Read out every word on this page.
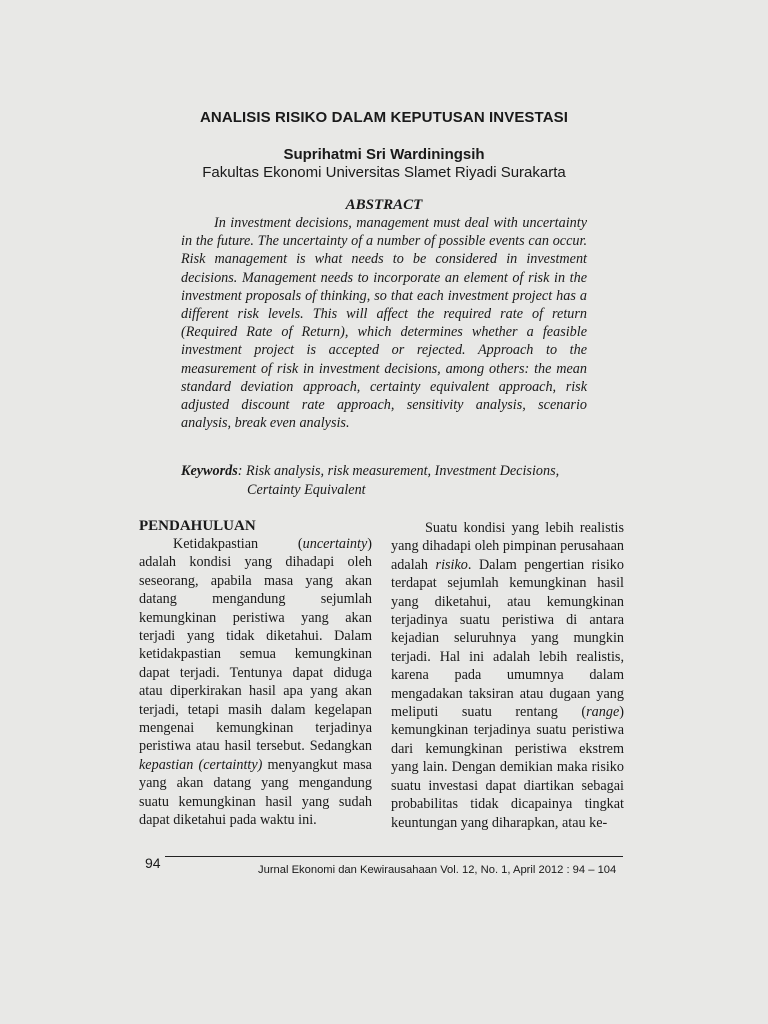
ANALISIS RISIKO DALAM KEPUTUSAN INVESTASI
Suprihatmi Sri Wardiningsih
Fakultas Ekonomi Universitas Slamet Riyadi Surakarta
ABSTRACT

In investment decisions, management must deal with uncertainty in the future. The uncertainty of a number of possible events can occur. Risk management is what needs to be considered in investment decisions. Management needs to incorporate an element of risk in the investment proposals of thinking, so that each investment project has a different risk levels. This will affect the required rate of return (Required Rate of Return), which determines whether a feasible investment project is accepted or rejected. Approach to the measurement of risk in investment decisions, among others: the mean standard deviation approach, certainty equivalent approach, risk adjusted discount rate approach, sensitivity analysis, scenario analysis, break even analysis.

Keywords: Risk analysis, risk measurement, Investment Decisions,
Certainty Equivalent
PENDAHULUAN

Ketidakpastian (uncertainty) adalah kondisi yang dihadapi oleh seseorang, apabila masa yang akan datang mengandung sejumlah kemungkinan peristiwa yang akan terjadi yang tidak diketahui. Dalam ketidakpastian semua kemungkinan dapat terjadi. Tentunya dapat diduga atau diperkirakan hasil apa yang akan terjadi, tetapi masih dalam kegelapan mengenai kemungkinan terjadinya peristiwa atau hasil tersebut. Sedangkan kepastian (certaintty) menyangkut masa yang akan datang yang mengandung suatu kemungkinan hasil yang sudah dapat diketahui pada waktu ini.

Suatu kondisi yang lebih realistis yang dihadapi oleh pimpinan perusahaan adalah risiko. Dalam pengertian risiko terdapat sejumlah kemungkinan hasil yang diketahui, atau kemungkinan terjadinya suatu peristiwa di antara kejadian seluruhnya yang mungkin terjadi. Hal ini adalah lebih realistis, karena pada umumnya dalam mengadakan taksiran atau dugaan yang meliputi suatu rentang (range) kemungkinan terjadinya suatu peristiwa dari kemungkinan peristiwa ekstrem yang lain. Dengan demikian maka risiko suatu investasi dapat diartikan sebagai probabilitas tidak dicapainya tingkat keuntungan yang diharapkan, atau ke-

94	Jurnal Ekonomi dan Kewirausahaan Vol. 12, No. 1, April 2012 : 94 – 104
